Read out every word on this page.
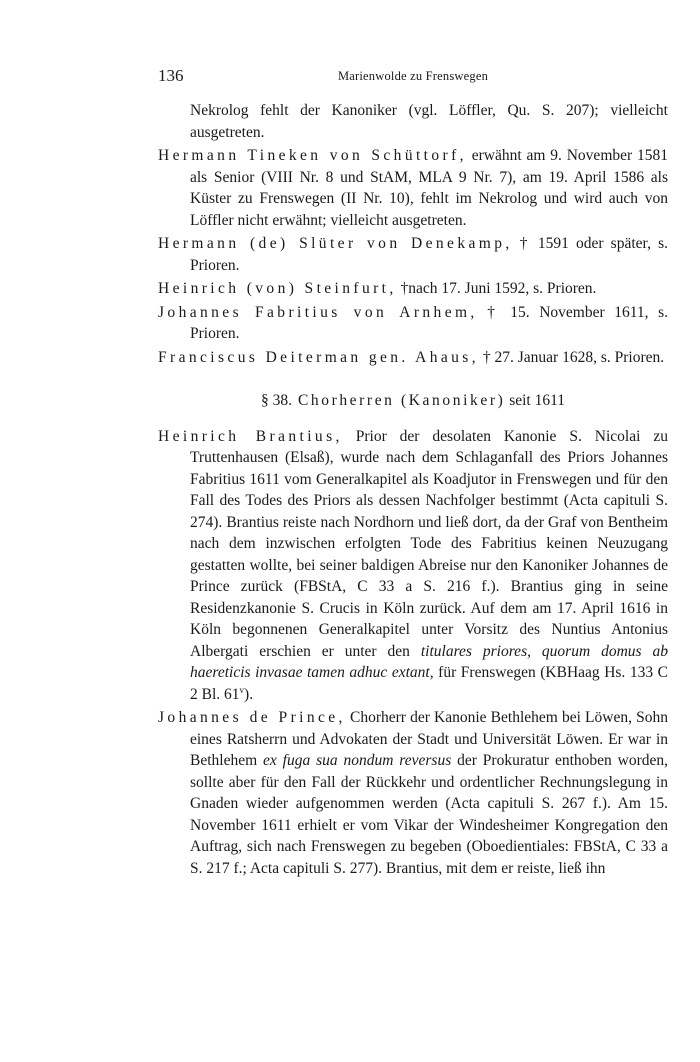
136	Marienwolde zu Frenswegen

Nekrolog fehlt der Kanoniker (vgl. Löffler, Qu. S. 207); vielleicht ausgetreten.

Hermann Tineken von Schüttorf, erwähnt am 9. November 1581 als Senior (VIII Nr. 8 und StAM, MLA 9 Nr. 7), am 19. April 1586 als Küster zu Frenswegen (II Nr. 10), fehlt im Nekrolog und wird auch von Löffler nicht erwähnt; vielleicht ausgetreten.

Hermann (de) Slüter von Denekamp, † 1591 oder später, s. Prioren.

Heinrich (von) Steinfurt, †nach 17. Juni 1592, s. Prioren.

Johannes Fabritius von Arnhem, † 15. November 1611, s. Prioren.

Franciscus Deiterman gen. Ahaus, † 27. Januar 1628, s. Prioren.

§ 38. Chorherren (Kanoniker) seit 1611

Heinrich Brantius, Prior der desolaten Kanonie S. Nicolai zu Truttenhausen (Elsaß), wurde nach dem Schlaganfall des Priors Johannes Fabritius 1611 vom Generalkapitel als Koadjutor in Frenswegen und für den Fall des Todes des Priors als dessen Nachfolger bestimmt (Acta capituli S. 274). Brantius reiste nach Nordhorn und ließ dort, da der Graf von Bentheim nach dem inzwischen erfolgten Tode des Fabritius keinen Neuzugang gestatten wollte, bei seiner baldigen Abreise nur den Kanoniker Johannes de Prince zurück (FBStA, C 33 a S. 216 f.). Brantius ging in seine Residenzkanonie S. Crucis in Köln zurück. Auf dem am 17. April 1616 in Köln begonnenen Generalkapitel unter Vorsitz des Nuntius Antonius Albergati erschien er unter den titulares priores, quorum domus ab haereticis invasae tamen adhuc extant, für Frenswegen (KBHaag Hs. 133 C 2 Bl. 61$^v$).

Johannes de Prince, Chorherr der Kanonie Bethlehem bei Löwen, Sohn eines Ratsherrn und Advokaten der Stadt und Universität Löwen. Er war in Bethlehem ex fuga sua nondum reversus der Prokuratur enthoben worden, sollte aber für den Fall der Rückkehr und ordentlicher Rechnungslegung in Gnaden wieder aufgenommen werden (Acta capituli S. 267 f.). Am 15. November 1611 erhielt er vom Vikar der Windesheimer Kongregation den Auftrag, sich nach Frenswegen zu begeben (Oboedientiales: FBStA, C 33 a S. 217 f.; Acta capituli S. 277). Brantius, mit dem er reiste, ließ ihn
